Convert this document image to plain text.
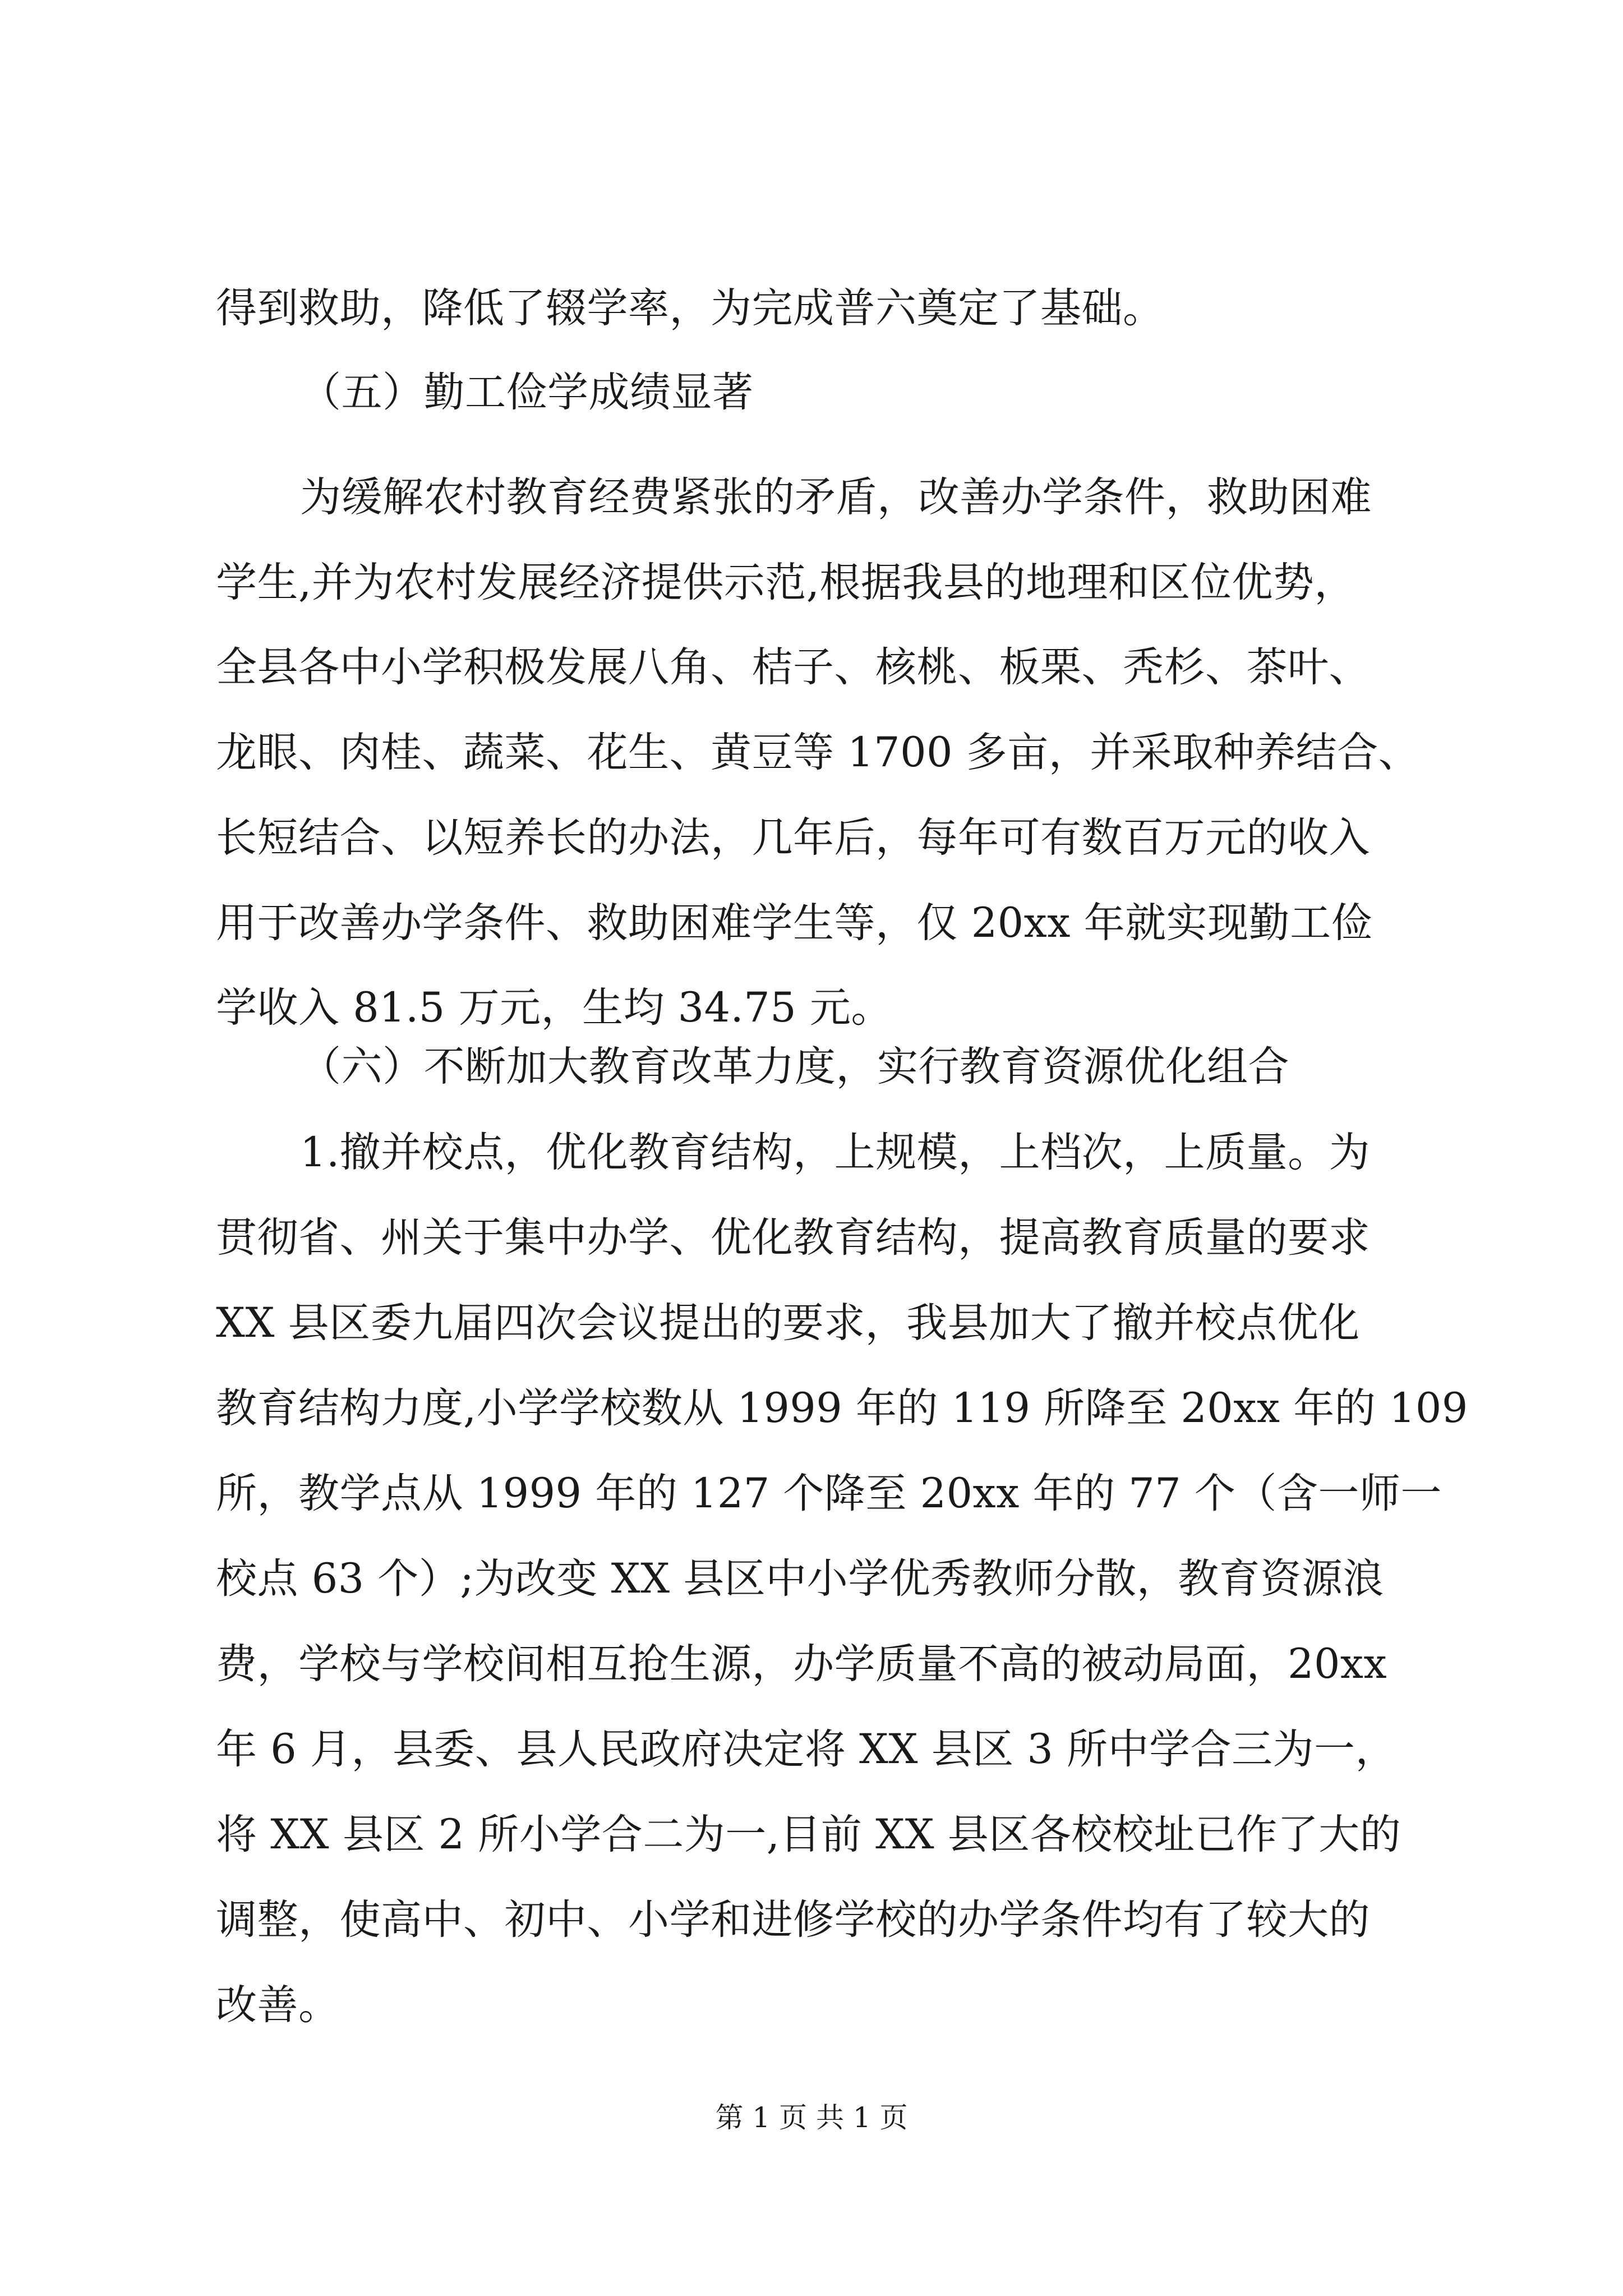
得到救助，降低了辍学率，为完成普六奠定了基础。
（五）勤工俭学成绩显著
为缓解农村教育经费紧张的矛盾，改善办学条件，救助困难
学生,并为农村发展经济提供示范,根据我县的地理和区位优势，
全县各中小学积极发展八角、桔子、核桃、板栗、秃杉、茶叶、
龙眼、肉桂、蔬菜、花生、黄豆等 1700 多亩，并采取种养结合、
长短结合、以短养长的办法，几年后，每年可有数百万元的收入
用于改善办学条件、救助困难学生等，仅 20xx 年就实现勤工俭
学收入 81.5 万元，生均 34.75 元。
（六）不断加大教育改革力度，实行教育资源优化组合
1.撤并校点，优化教育结构，上规模，上档次，上质量。为
贯彻省、州关于集中办学、优化教育结构，提高教育质量的要求
XX 县区委九届四次会议提出的要求，我县加大了撤并校点优化
教育结构力度,小学学校数从 1999 年的 119 所降至 20xx 年的 109
所，教学点从 1999 年的 127 个降至 20xx 年的 77 个（含一师一
校点 63 个）;为改变 XX 县区中小学优秀教师分散，教育资源浪
费，学校与学校间相互抢生源，办学质量不高的被动局面，20xx
年 6 月，县委、县人民政府决定将 XX 县区 3 所中学合三为一，
将 XX 县区 2 所小学合二为一,目前 XX 县区各校校址已作了大的
调整，使高中、初中、小学和进修学校的办学条件均有了较大的
改善。
第 1 页 共 1 页
